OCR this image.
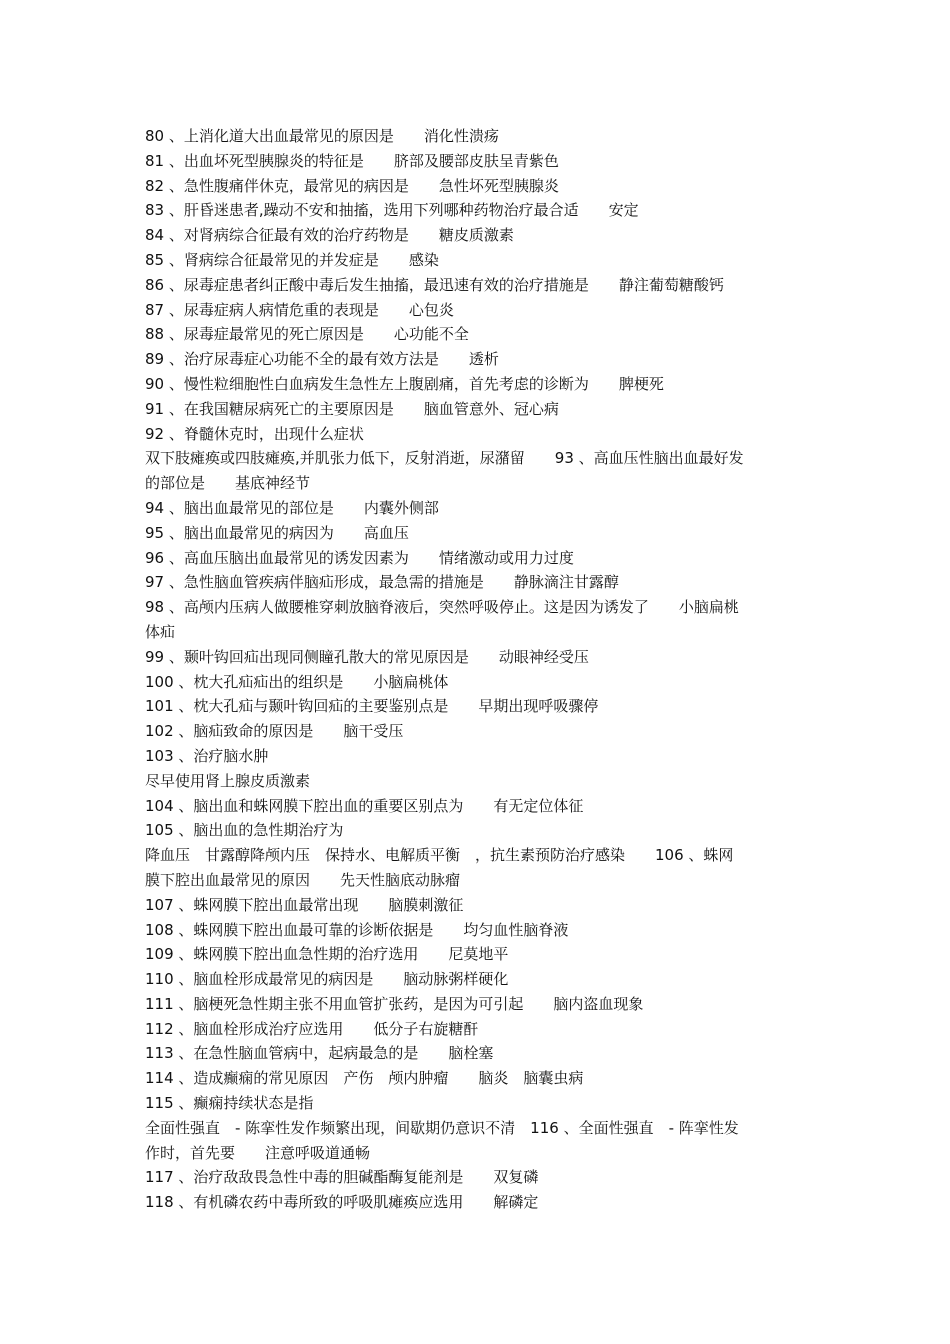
80 、上消化道大出血最常见的原因是　　消化性溃疡
81 、出血坏死型胰腺炎的特征是　　脐部及腰部皮肤呈青紫色
82 、急性腹痛伴休克，最常见的病因是　　急性坏死型胰腺炎
83 、肝昏迷患者,躁动不安和抽搐，选用下列哪种药物治疗最合适　　安定
84 、对肾病综合征最有效的治疗药物是　　糖皮质激素
85 、肾病综合征最常见的并发症是　　感染
86 、尿毒症患者纠正酸中毒后发生抽搐，最迅速有效的治疗措施是　　静注葡萄糖酸钙
87 、尿毒症病人病情危重的表现是　　心包炎
88 、尿毒症最常见的死亡原因是　　心功能不全
89 、治疗尿毒症心功能不全的最有效方法是　　透析
90 、慢性粒细胞性白血病发生急性左上腹剧痛，首先考虑的诊断为　　脾梗死
91 、在我国糖尿病死亡的主要原因是　　脑血管意外、冠心病
92 、脊髓休克时，出现什么症状
双下肢瘫痪或四肢瘫痪,并肌张力低下，反射消逝，尿潴留　　93 、高血压性脑出血最好发
的部位是　　基底神经节
94 、脑出血最常见的部位是　　内囊外侧部
95 、脑出血最常见的病因为　　高血压
96 、高血压脑出血最常见的诱发因素为　　情绪激动或用力过度
97 、急性脑血管疾病伴脑疝形成，最急需的措施是　　静脉滴注甘露醇
98 、高颅内压病人做腰椎穿刺放脑脊液后，突然呼吸停止。这是因为诱发了　　小脑扁桃
体疝
99 、颞叶钩回疝出现同侧瞳孔散大的常见原因是　　动眼神经受压
100 、枕大孔疝疝出的组织是　　小脑扁桃体
101 、枕大孔疝与颞叶钩回疝的主要鉴别点是　　早期出现呼吸骤停
102 、脑疝致命的原因是　　脑干受压
103 、治疗脑水肿
尽早使用肾上腺皮质激素
104 、脑出血和蛛网膜下腔出血的重要区别点为　　有无定位体征
105 、脑出血的急性期治疗为
降血压　甘露醇降颅内压　保持水、电解质平衡　，抗生素预防治疗感染　　106 、蛛网
膜下腔出血最常见的原因　　先天性脑底动脉瘤
107 、蛛网膜下腔出血最常出现　　脑膜刺激征
108 、蛛网膜下腔出血最可靠的诊断依据是　　均匀血性脑脊液
109 、蛛网膜下腔出血急性期的治疗选用　　尼莫地平
110 、脑血栓形成最常见的病因是　　脑动脉粥样硬化
111 、脑梗死急性期主张不用血管扩张药，是因为可引起　　脑内盗血现象
112 、脑血栓形成治疗应选用　　低分子右旋糖酐
113 、在急性脑血管病中，起病最急的是　　脑栓塞
114 、造成癫痫的常见原因　产伤　颅内肿瘤　　脑炎　脑囊虫病
115 、癫痫持续状态是指
全面性强直　- 陈挛性发作频繁出现，间歇期仍意识不清　116 、全面性强直　- 阵挛性发
作时，首先要　　注意呼吸道通畅
117 、治疗敌敌畏急性中毒的胆碱酯酶复能剂是　　双复磷
118 、有机磷农药中毒所致的呼吸肌瘫痪应选用　　解磷定
